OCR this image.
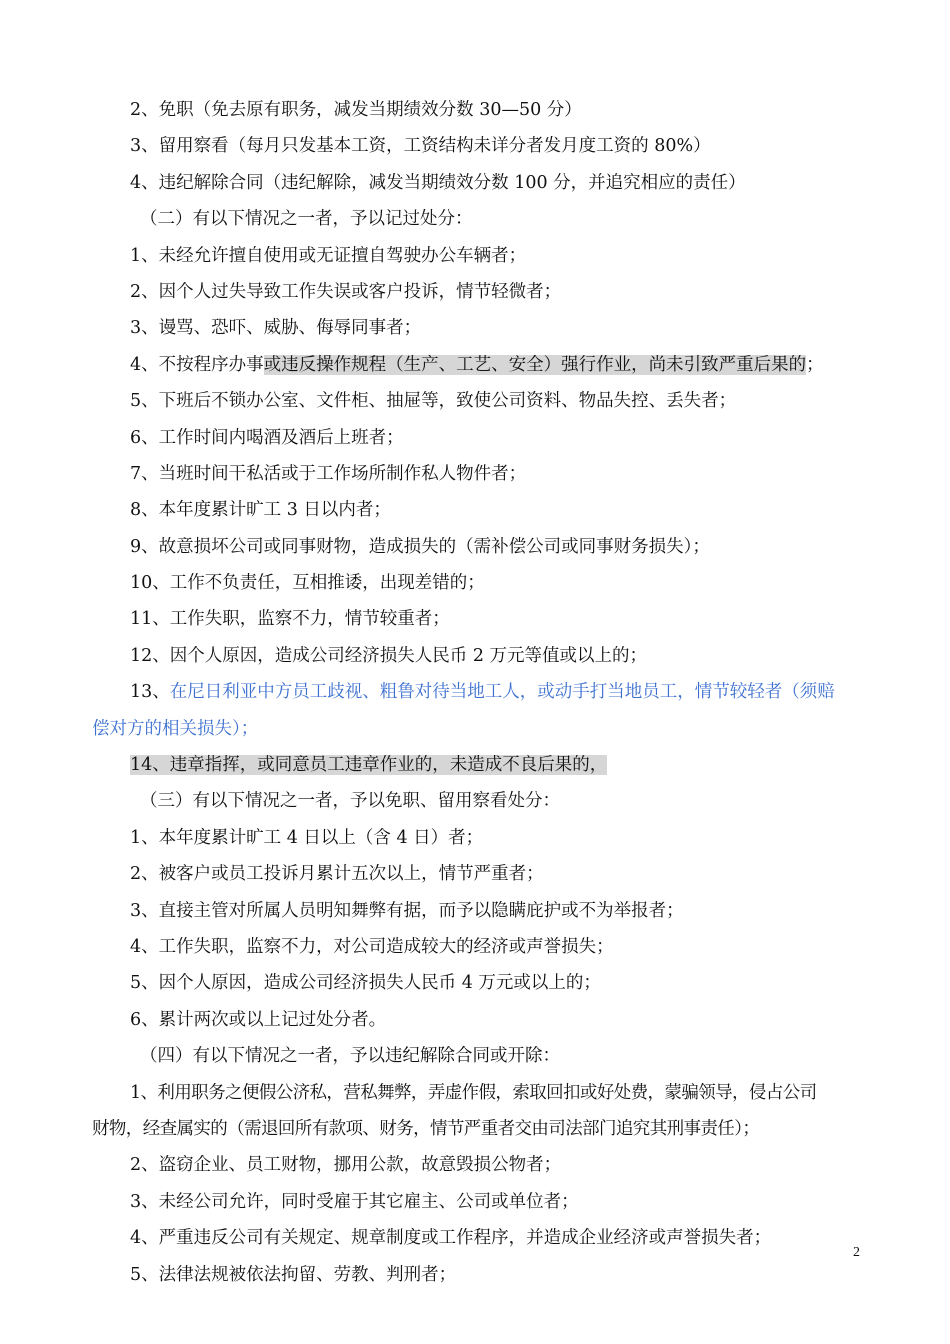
2、免职（免去原有职务，减发当期绩效分数 30—50 分）
3、留用察看（每月只发基本工资，工资结构未详分者发月度工资的 80%）
4、违纪解除合同（违纪解除，减发当期绩效分数 100 分，并追究相应的责任）
（二）有以下情况之一者，予以记过处分：
1、未经允许擅自使用或无证擅自驾驶办公车辆者；
2、因个人过失导致工作失误或客户投诉，情节轻微者；
3、谩骂、恐吓、威胁、侮辱同事者；
4、不按程序办事或违反操作规程（生产、工艺、安全）强行作业，尚未引致严重后果的；
5、下班后不锁办公室、文件柜、抽屉等，致使公司资料、物品失控、丢失者；
6、工作时间内喝酒及酒后上班者；
7、当班时间干私活或于工作场所制作私人物件者；
8、本年度累计旷工 3 日以内者；
9、故意损坏公司或同事财物，造成损失的（需补偿公司或同事财务损失）；
10、工作不负责任，互相推诿，出现差错的；
11、工作失职，监察不力，情节较重者；
12、因个人原因，造成公司经济损失人民币 2 万元等值或以上的；
13、在尼日利亚中方员工歧视、粗鲁对待当地工人，或动手打当地员工，情节较轻者（须赔
偿对方的相关损失）；
14、违章指挥，或同意员工违章作业的，未造成不良后果的，
（三）有以下情况之一者，予以免职、留用察看处分：
1、本年度累计旷工 4 日以上（含 4 日）者；
2、被客户或员工投诉月累计五次以上，情节严重者；
3、直接主管对所属人员明知舞弊有据，而予以隐瞒庇护或不为举报者；
4、工作失职，监察不力，对公司造成较大的经济或声誉损失；
5、因个人原因，造成公司经济损失人民币 4 万元或以上的；
6、累计两次或以上记过处分者。
（四）有以下情况之一者，予以违纪解除合同或开除：
1、利用职务之便假公济私，营私舞弊，弄虚作假，索取回扣或好处费，蒙骗领导，侵占公司
财物，经查属实的（需退回所有款项、财务，情节严重者交由司法部门追究其刑事责任）；
2、盗窃企业、员工财物，挪用公款，故意毁损公物者；
3、未经公司允许，同时受雇于其它雇主、公司或单位者；
4、严重违反公司有关规定、规章制度或工作程序，并造成企业经济或声誉损失者；
5、法律法规被依法拘留、劳教、判刑者；
2
